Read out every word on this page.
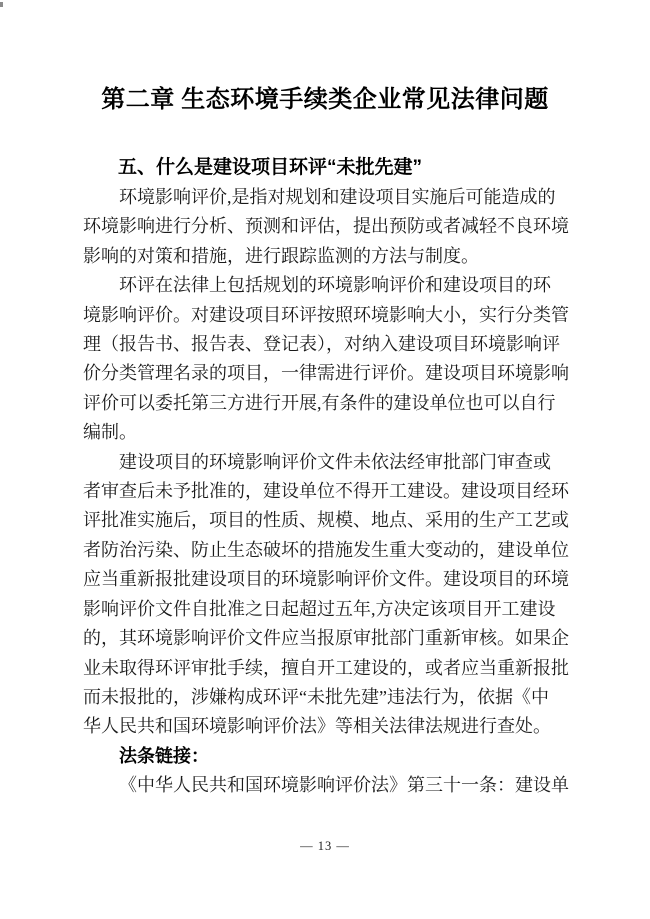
第二章 生态环境手续类企业常见法律问题
五、什么是建设项目环评“未批先建”
环境影响评价,是指对规划和建设项目实施后可能造成的
环境影响进行分析、预测和评估，提出预防或者减轻不良环境
影响的对策和措施，进行跟踪监测的方法与制度。
环评在法律上包括规划的环境影响评价和建设项目的环
境影响评价。对建设项目环评按照环境影响大小，实行分类管
理（报告书、报告表、登记表），对纳入建设项目环境影响评
价分类管理名录的项目，一律需进行评价。建设项目环境影响
评价可以委托第三方进行开展,有条件的建设单位也可以自行
编制。
建设项目的环境影响评价文件未依法经审批部门审查或
者审查后未予批准的，建设单位不得开工建设。建设项目经环
评批准实施后，项目的性质、规模、地点、采用的生产工艺或
者防治污染、防止生态破坏的措施发生重大变动的，建设单位
应当重新报批建设项目的环境影响评价文件。建设项目的环境
影响评价文件自批准之日起超过五年,方决定该项目开工建设
的，其环境影响评价文件应当报原审批部门重新审核。如果企
业未取得环评审批手续，擅自开工建设的，或者应当重新报批
而未报批的，涉嫌构成环评“未批先建”违法行为，依据《中
华人民共和国环境影响评价法》等相关法律法规进行查处。
法条链接：
《中华人民共和国环境影响评价法》第三十一条：建设单
— 13 —
